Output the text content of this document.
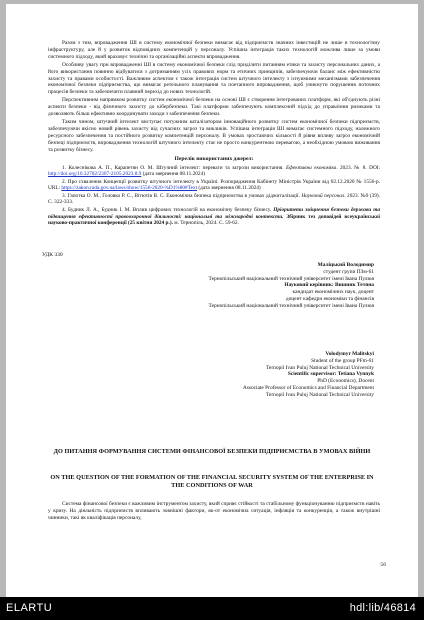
Разом з тим, впровадження ШІ в систему економічної безпеки вимагає від підприємств значних інвестицій не лише в технологічну інфраструктуру, але й у розвиток відповідних компетенцій у персоналу. Успішна інтеграція таких технологій можлива лише за умови системного підходу, який враховує технічні та організаційні аспекти впровадження.

Особливу увагу при впровадженні ШІ в систему економічної безпеки слід приділити питанням етики та захисту персональних даних, а його використання повинно відбуватися з дотриманням усіх правових норм та етичних принципів, забезпечуючи баланс між ефективністю захисту та правами особистості. Важливим аспектом є також інтеграція систем штучного інтелекту з існуючими механізмами забезпечення економічної безпеки підприємства, що вимагає ретельного планування та поетапного впровадження, щоб уникнути порушення поточних процесів безпеки та забезпечити плавний перехід до нових технологій.

Перспективним напрямком розвитку систем економічної безпеки на основі ШІ є створення інтегрованих платформ, які об'єднують різні аспекти безпеки - від фізичного захисту до кібербезпеки. Такі платформи забезпечують комплексний підхід до управління ризиками та дозволяють більш ефективно координувати заходи з забезпечення безпеки.

Таким чином, штучний інтелект виступає потужним каталізатором інноваційного розвитку систем економічної безпеки підприємств, забезпечуючи якісно новий рівень захисту від сучасних загроз та викликів. Успішна інтеграція ШІ вимагає системного підходу, належного ресурсного забезпечення та постійного розвитку компетенцій персоналу. В умовах зростаючих кількості й рівня впливу загроз економічній безпеці підприємств, впровадження технологій штучного інтелекту стає не просто конкурентною перевагою, а необхідною умовою виживання та розвитку бізнесу.

Перелік використаних джерел:

1. Колеснікова А. П., Карапетян О. М. Штучний інтелект: переваги та загрози використання. Ефективна економіка. 2023. № 8. DOI: http://doi.org/10.32702/2307-2105.2023.8.9 (дата звернення 08.11.2024)

2. Про схвалення Концепції розвитку штучного інтелекту в Україні. Розпорядження Кабінету Міністрів України від 02.12.2020 № 1556-р. URL: https://zakon.rada.gov.ua/laws/show/1556-2020-%D1%80#Text (дата звернення 08.11.2024)

3. Гапотка О. М., Головко Р. С., Вітютів В. С. Економічна безпека підприємства в умовах діджиталізації. Науковий персонал. 2023. №9 (39). С. 322-333.

4. Будник Л. А., Будник І. М. Вплив цифрових технологій на економічну безпеку бізнесу. Пріоритети зміцнення безпеки держави та підвищення ефективності правоохоронної діяльності: національні та міжнародні контексти. Збірник тез доповідей всеукраїнської науково-практичної конференції (25 квітня 2024 р.). м. Тернопіль, 2024. С. 59-62.

УДК 330
Маліцький Володимир
студент групи ПЗм-61
Тернопільський національний технічний університет імені Івана Пулюя
Науковий керівник: Вишник Тетяна
кандидат економічних наук, доцент
доцент кафедри економіки та фінансів
Тернопільський національний технічний університет імені Івана Пулюя
Volodymyr Malitskyi
Student of the group PFm-61
Ternopil Ivan Puluj National Technical University
Scientific supervisor: Tetiana Vynnyk
PhD (Economics), Docent
Associate Professor of Economics and Financial Department
Ternopil Ivan Puluj National Technical University
ДО ПИТАННЯ ФОРМУВАННЯ СИСТЕМИ ФІНАНСОВОЇ БЕЗПЕКИ ПІДПРИЄМСТВА В УМОВАХ ВІЙНИ
ON THE QUESTION OF THE FORMATION OF THE FINANCIAL SECURITY SYSTEM OF THE ENTERPRISE IN THE CONDITIONS OF WAR

Система фінансової безпеки є важливим інструментом захисту, який сприяє стійкості та стабільному функціонуванню підприємств навіть у кризу. На діяльність підприємств впливають зовнішні фактори, як-от економічна ситуація, інфляція та конкуренція, а також внутрішні чинники, такі як кваліфікація персоналу,

56
ELARTU	hdl:lib/46814
